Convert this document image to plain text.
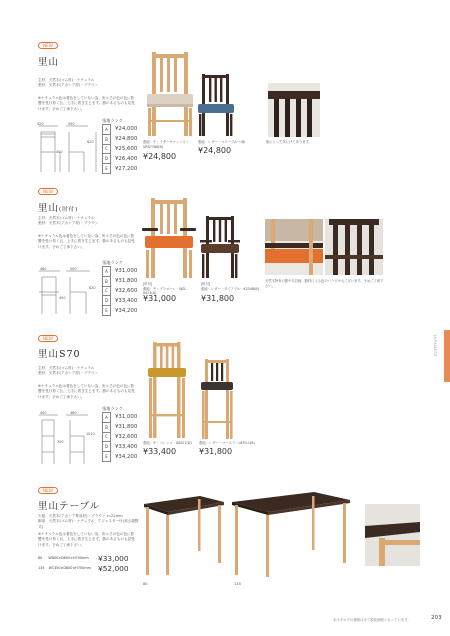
NEW
里山
主材：天然木(ゴム材)・ナチュラル
張材：天然木(アカシア材)・ブラウン
※ナチュラル色は着色をしていない為、所々その色の色に影響を受け易く且、上手に着き生じます。節のあるものも見受けます。予めご了承下さい。
420	500
450
820
張地ランク
A	¥24,000
B	¥24,800
C	¥25,600
D	¥26,400
E	¥27,200
張地：モ・ラターキャンバス＜URS7788(B)
¥24,800
張地：レザー・ベリーブルー(B)
¥24,800
座にとって気にげてあります。
NEW
里山(肘付)
主材：天然木(ゴム材)・ナチュラル
張材：天然木(アカシア材)・ブラウン
※ナチュラル色は着色をしていない為、所々その色の色に影響を受け易く且、上手に着き生じます。節のあるものも見受けます。予めご了承下さい。
480	500
450
820
張地ランク
A	¥31,000
B	¥31,800
C	¥32,600
D	¥33,400
E	¥34,200
[肘付]
張地：モ・ブラオーレ・WD-0021(A)
¥31,000
[肘付]
張地：レザー・ダイアブル・K2548(B)
¥31,800
天然木特有の節や木目柄、節材による色のバラツキもございます。予めご了承下さい。
NEW
里山S70
主材：天然木(ゴム材)・ナチュラル
張材：天然木(アカシア材)・ブラウン
※ナチュラル色は着色をしていない為、所々その色の色に影響を受け易く且、上手に着き生じます。節のあるものも見受けます。予めご了承下さい。
400	460
700
1010
張地ランク
A	¥31,000
B	¥31,800
C	¥32,600
D	¥33,400
E	¥34,200
張地：モ・マレンゴ・X0021(D)
¥33,400
張地：レザー・マーエラ・L633-1(B)
¥31,800
JAPANESE
NEW
里山テーブル
天板：天然木(アカシア集成材)・ブラウン t=22mm
脚部：天然木(ゴム材)・ナチュラル、アジャスター付(高さ調整式)
※ナチュラル色は着色をしていない為、所々その色の色に影響を受け易く且、上手に着き生じます。節のあるものも見受けます。予めご了承下さい。
80 W800×D800×H700mm ¥33,000
135 W1350×D800×H700mm ¥52,000
80	135
本カタログの価格は全て税抜価格となっています。	203
